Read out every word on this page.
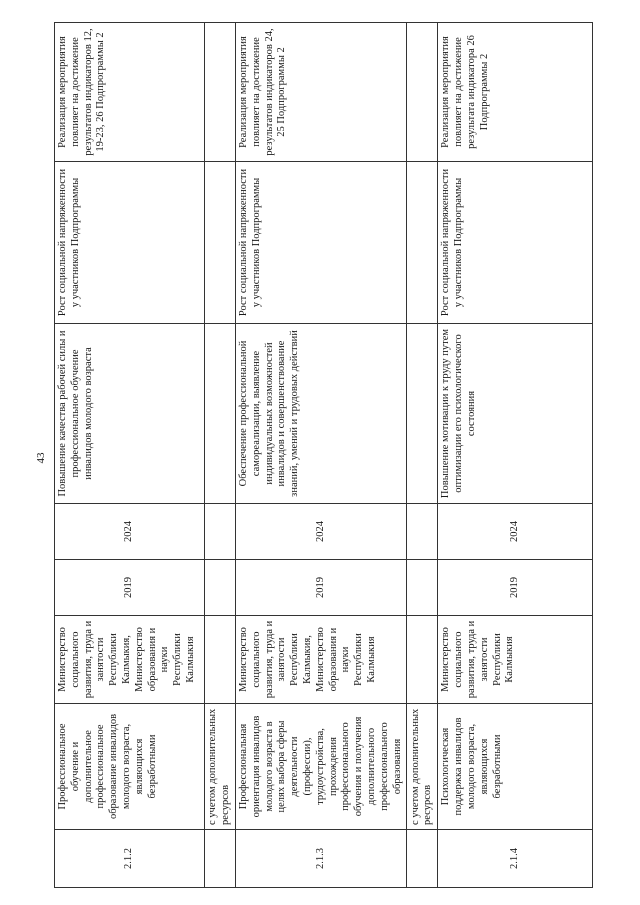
43
2.1.2	Профессиональное обучение и дополнительное профессиональное образование инвалидов молодого возраста, являющихся безработными	Министерство социального развития, труда и занятости Республики Калмыкия, Министерство образования и науки Республики Калмыкия	2019	2024	Повышение качества рабочей силы и профессиональное обучение инвалидов молодого возраста	Рост социальной напряженности у участников Подпрограммы	Реализация мероприятия повлияет на достижение результатов индикаторов 12, 19-23, 26 Подпрограммы 2
	с учетом дополнительных ресурсов						
2.1.3	Профессиональная ориентация инвалидов молодого возраста в целях выбора сферы деятельности (профессии), трудоустройства, прохождения профессионального обучения и получения дополнительного профессионального образования	Министерство социального развития, труда и занятости Республики Калмыкия, Министерство образования и науки Республики Калмыкия	2019	2024	Обеспечение профессиональной самореализации, выявление индивидуальных возможностей инвалидов и совершенствование знаний, умений и трудовых действий	Рост социальной напряженности у участников Подпрограммы	Реализация мероприятия повлияет на достижение результатов индикаторов 24, 25 Подпрограммы 2
	с учетом дополнительных ресурсов						
2.1.4	Психологическая поддержка инвалидов молодого возраста, являющихся безработными	Министерство социального развития, труда и занятости Республики Калмыкия	2019	2024	Повышение мотивации к труду путем оптимизации его психологического состояния	Рост социальной напряженности у участников Подпрограммы	Реализация мероприятия повлияет на достижение результата индикатора 26 Подпрограммы 2
